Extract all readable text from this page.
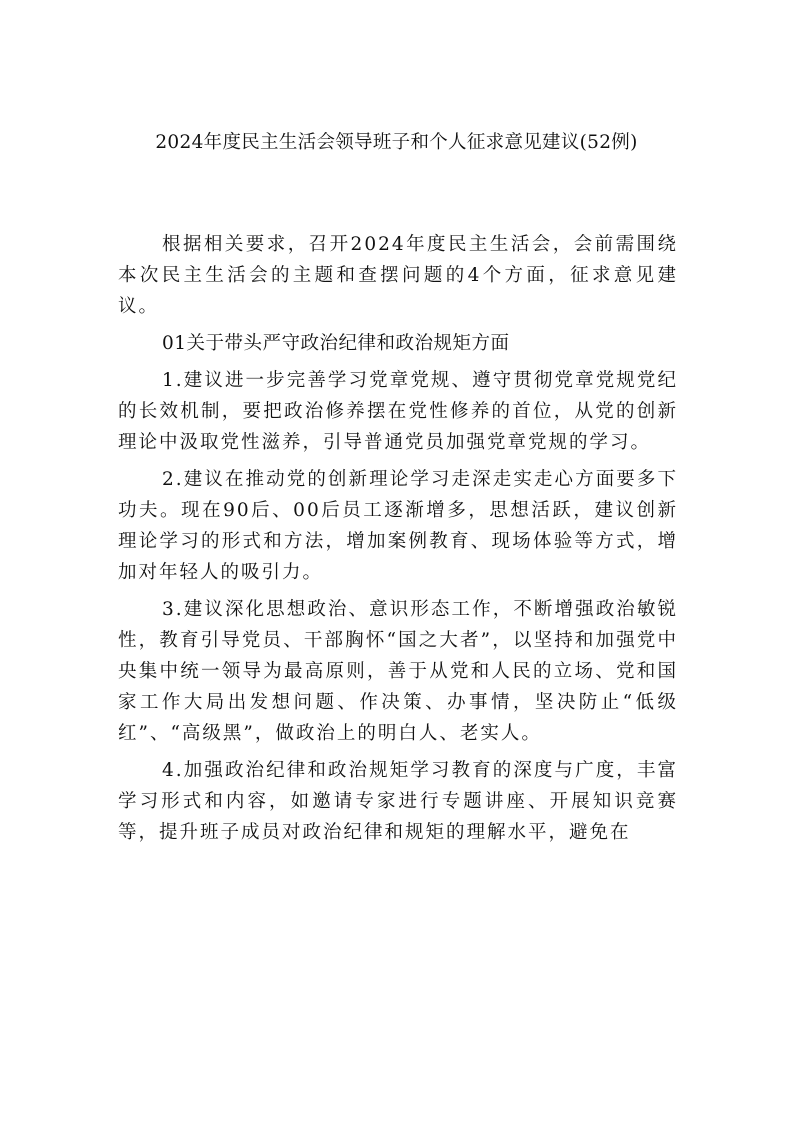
2024年度民主生活会领导班子和个人征求意见建议(52例)

根据相关要求，召开2024年度民主生活会，会前需围绕本次民主生活会的主题和查摆问题的4个方面，征求意见建议。

01关于带头严守政治纪律和政治规矩方面

1.建议进一步完善学习党章党规、遵守贯彻党章党规党纪的长效机制，要把政治修养摆在党性修养的首位，从党的创新理论中汲取党性滋养，引导普通党员加强党章党规的学习。

2.建议在推动党的创新理论学习走深走实走心方面要多下功夫。现在90后、00后员工逐渐增多，思想活跃，建议创新理论学习的形式和方法，增加案例教育、现场体验等方式，增加对年轻人的吸引力。

3.建议深化思想政治、意识形态工作，不断增强政治敏锐性，教育引导党员、干部胸怀“国之大者”，以坚持和加强党中央集中统一领导为最高原则，善于从党和人民的立场、党和国家工作大局出发想问题、作决策、办事情，坚决防止“低级红”、“高级黑”，做政治上的明白人、老实人。

4.加强政治纪律和政治规矩学习教育的深度与广度，丰富学习形式和内容，如邀请专家进行专题讲座、开展知识竞赛等，提升班子成员对政治纪律和规矩的理解水平，避免在
